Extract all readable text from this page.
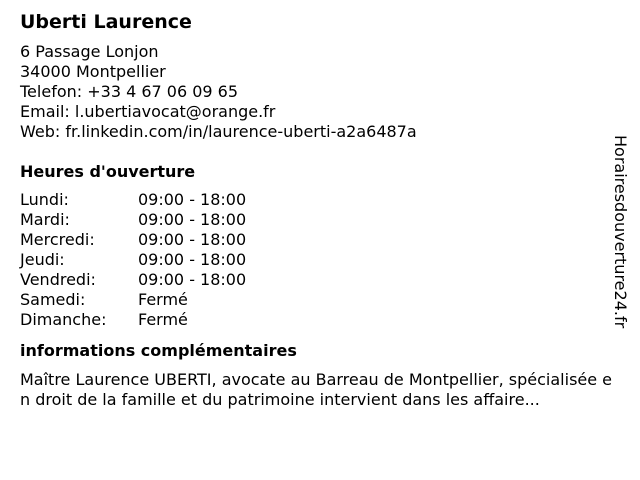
Uberti Laurence
6 Passage Lonjon
34000 Montpellier
Telefon: +33 4 67 06 09 65
Email: l.ubertiavocat@orange.fr
Web: fr.linkedin.com/in/laurence-uberti-a2a6487a
Heures d'ouverture
Lundi:	09:00 - 18:00
Mardi:	09:00 - 18:00
Mercredi:	09:00 - 18:00
Jeudi:	09:00 - 18:00
Vendredi:	09:00 - 18:00
Samedi:	Fermé
Dimanche:	Fermé
informations complémentaires
Maître Laurence UBERTI, avocate au Barreau de Montpellier, spécialisée en droit de la famille et du patrimoine intervient dans les affaire...
Horairesdouverture24.fr
